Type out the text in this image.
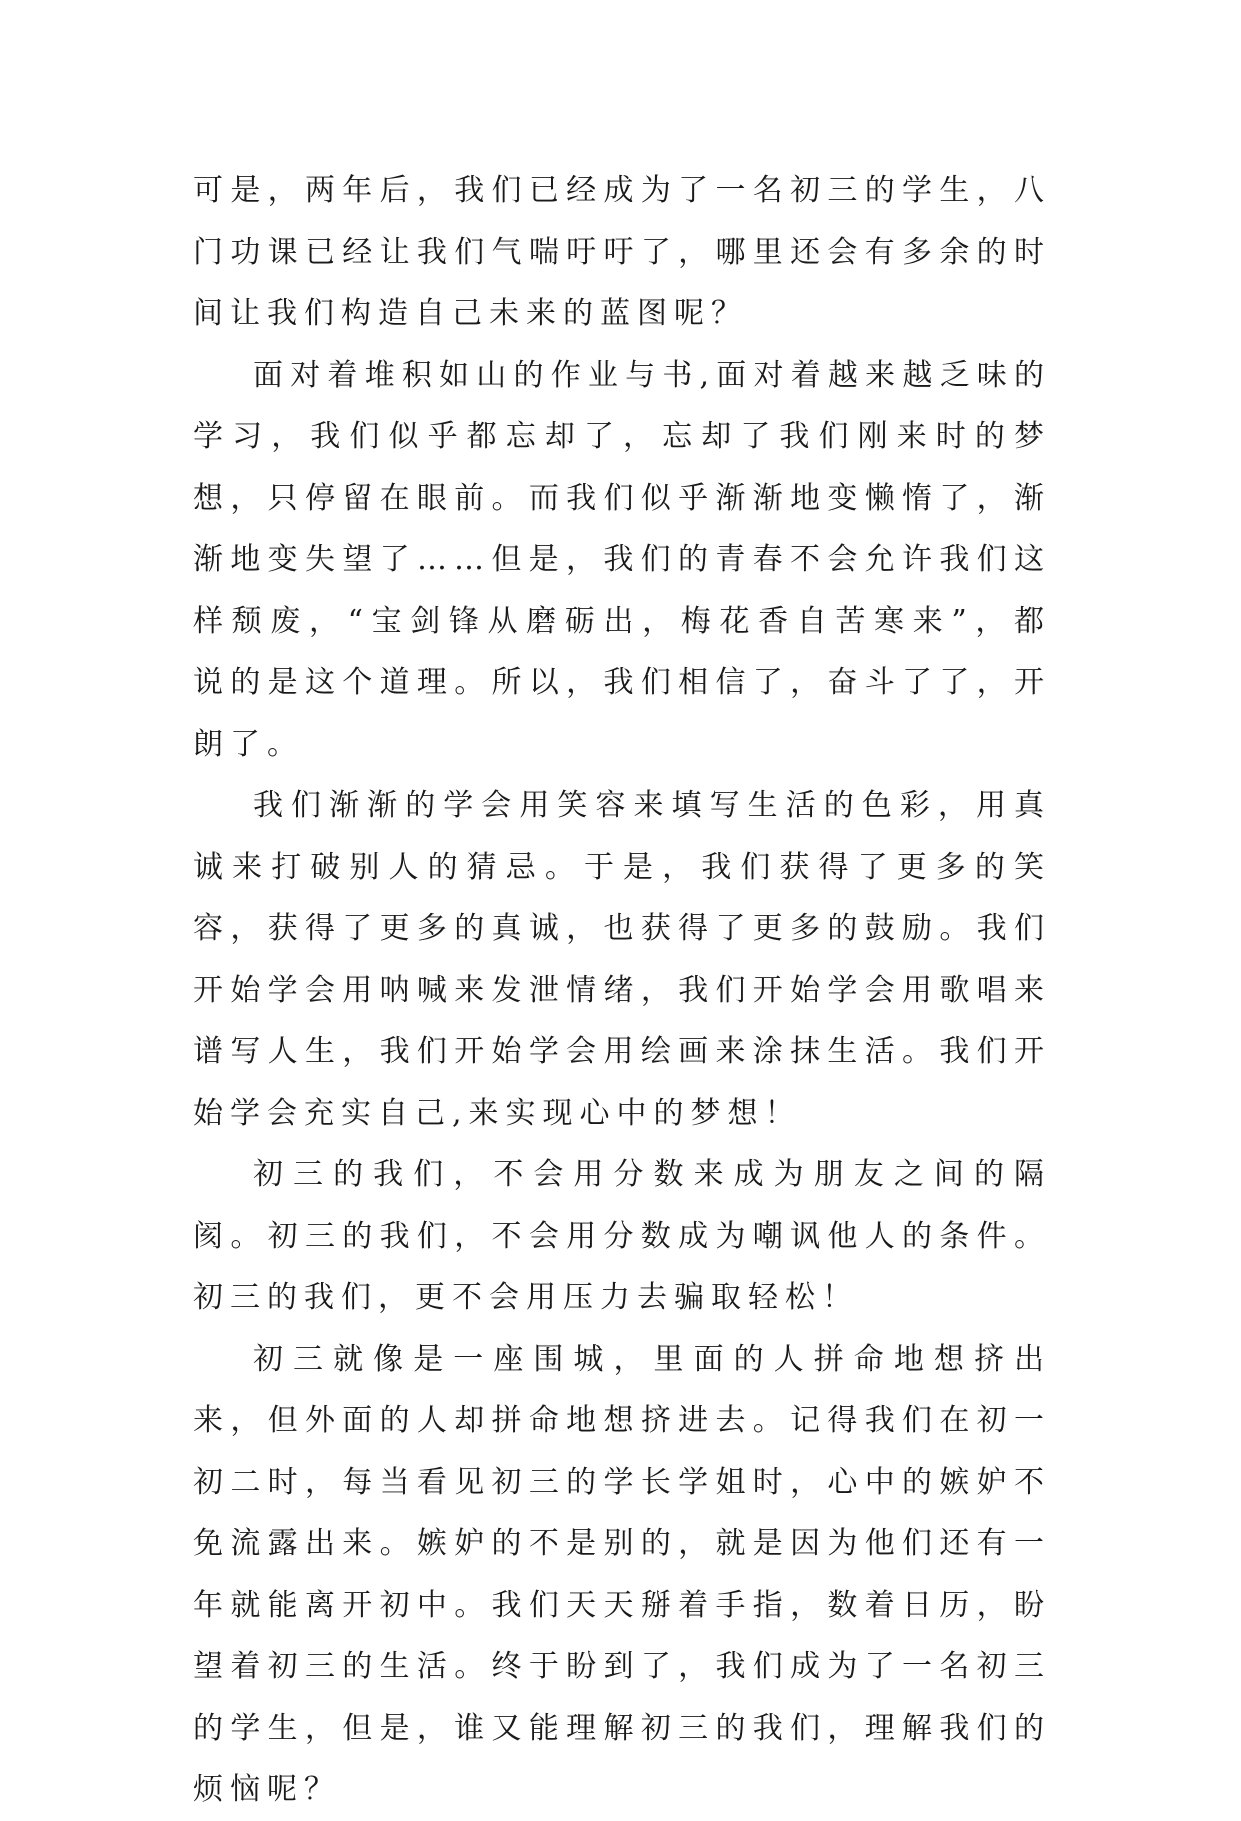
可是，两年后，我们已经成为了一名初三的学生，八门功课已经让我们气喘吁吁了，哪里还会有多余的时间让我们构造自己未来的蓝图呢？

面对着堆积如山的作业与书,面对着越来越乏味的学习，我们似乎都忘却了，忘却了我们刚来时的梦想，只停留在眼前。而我们似乎渐渐地变懒惰了，渐渐地变失望了……但是，我们的青春不会允许我们这样颓废，“宝剑锋从磨砺出，梅花香自苦寒来”，都说的是这个道理。所以，我们相信了，奋斗了了，开朗了。

我们渐渐的学会用笑容来填写生活的色彩，用真诚来打破别人的猜忌。于是，我们获得了更多的笑容，获得了更多的真诚，也获得了更多的鼓励。我们开始学会用呐喊来发泄情绪，我们开始学会用歌唱来谱写人生，我们开始学会用绘画来涂抹生活。我们开始学会充实自己,来实现心中的梦想！

初三的我们，不会用分数来成为朋友之间的隔阂。初三的我们，不会用分数成为嘲讽他人的条件。初三的我们，更不会用压力去骗取轻松！

初三就像是一座围城，里面的人拼命地想挤出来，但外面的人却拼命地想挤进去。记得我们在初一初二时，每当看见初三的学长学姐时，心中的嫉妒不免流露出来。嫉妒的不是别的，就是因为他们还有一年就能离开初中。我们天天掰着手指，数着日历，盼望着初三的生活。终于盼到了，我们成为了一名初三的学生，但是，谁又能理解初三的我们，理解我们的烦恼呢？
